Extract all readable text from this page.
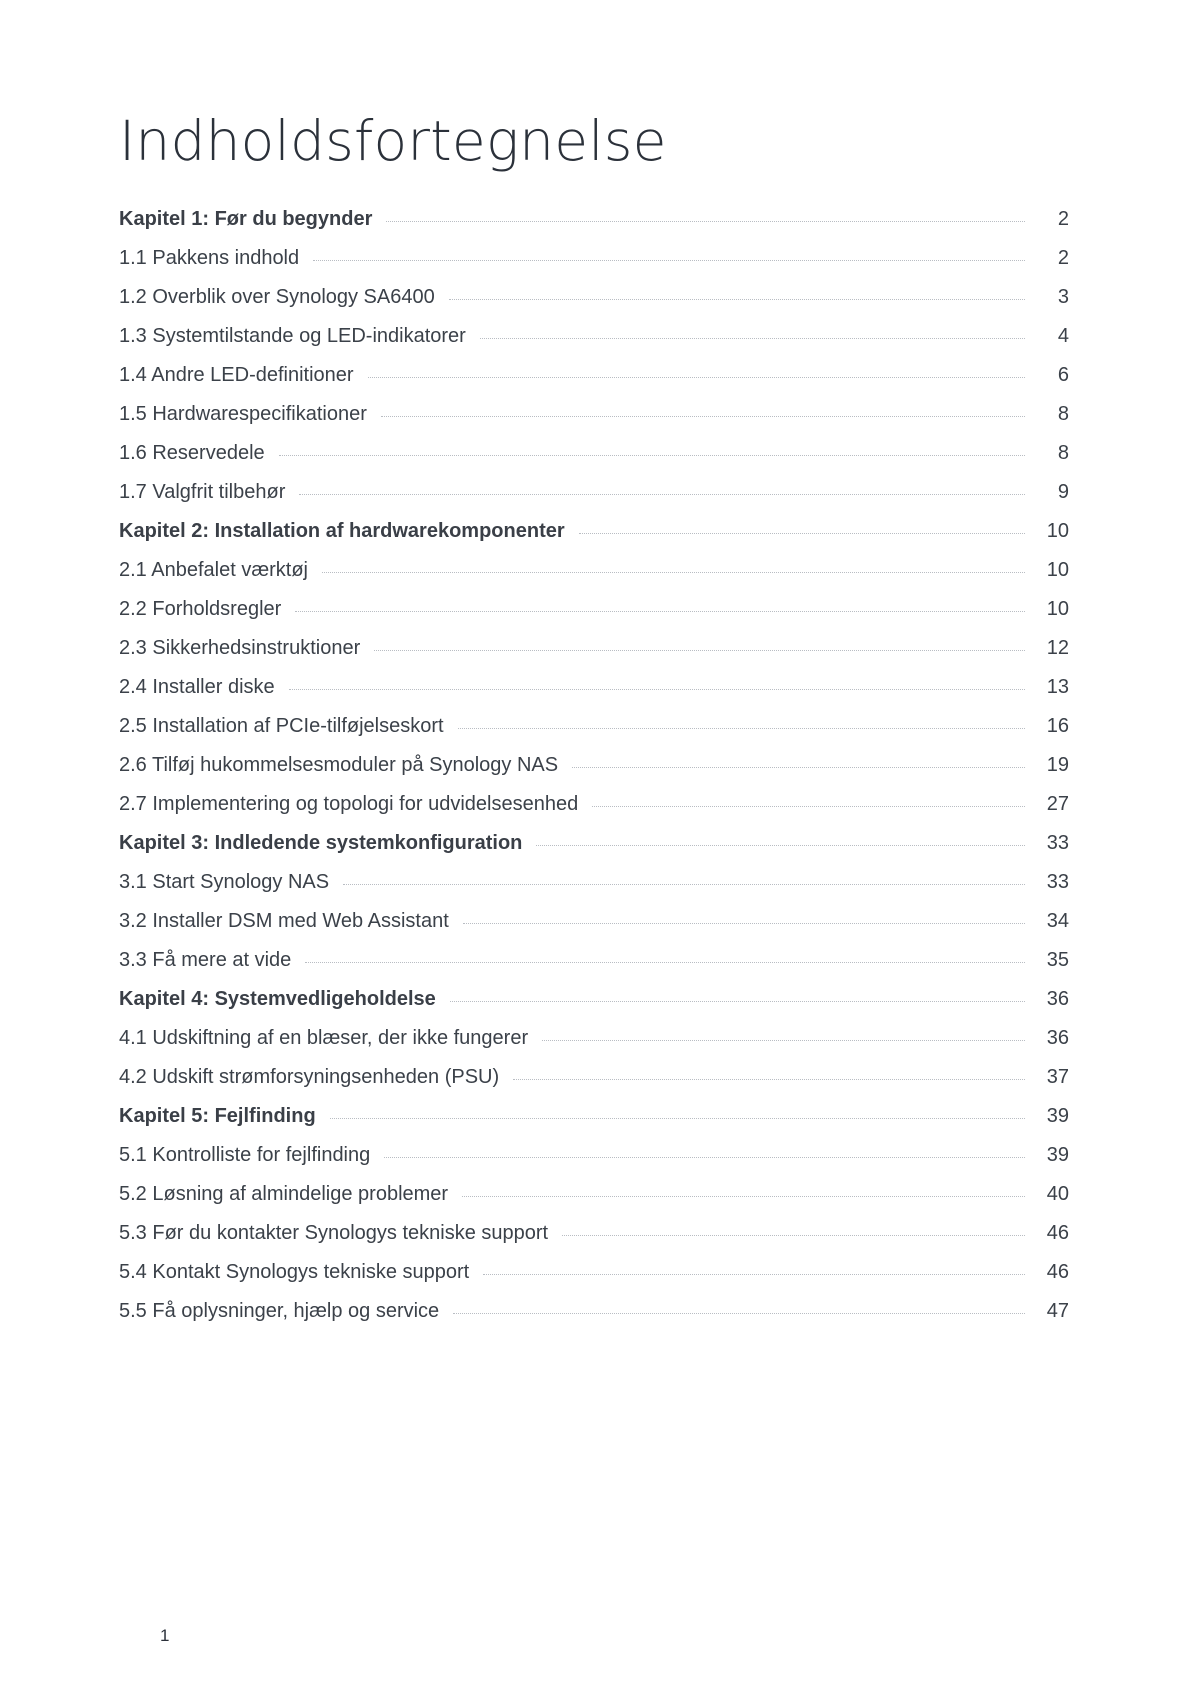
Indholdsfortegnelse
Kapitel 1: Før du begynder	2
1.1 Pakkens indhold	2
1.2 Overblik over Synology SA6400	3
1.3 Systemtilstande og LED-indikatorer	4
1.4 Andre LED-definitioner	6
1.5 Hardwarespecifikationer	8
1.6 Reservedele	8
1.7 Valgfrit tilbehør	9
Kapitel 2: Installation af hardwarekomponenter	10
2.1 Anbefalet værktøj	10
2.2 Forholdsregler	10
2.3 Sikkerhedsinstruktioner	12
2.4 Installer diske	13
2.5 Installation af PCIe-tilføjelseskort	16
2.6 Tilføj hukommelsesmoduler på Synology NAS	19
2.7 Implementering og topologi for udvidelsesenhed	27
Kapitel 3: Indledende systemkonfiguration	33
3.1 Start Synology NAS	33
3.2 Installer DSM med Web Assistant	34
3.3 Få mere at vide	35
Kapitel 4: Systemvedligeholdelse	36
4.1 Udskiftning af en blæser, der ikke fungerer	36
4.2 Udskift strømforsyningsenheden (PSU)	37
Kapitel 5: Fejlfinding	39
5.1 Kontrolliste for fejlfinding	39
5.2 Løsning af almindelige problemer	40
5.3 Før du kontakter Synologys tekniske support	46
5.4 Kontakt Synologys tekniske support	46
5.5 Få oplysninger, hjælp og service	47
1
